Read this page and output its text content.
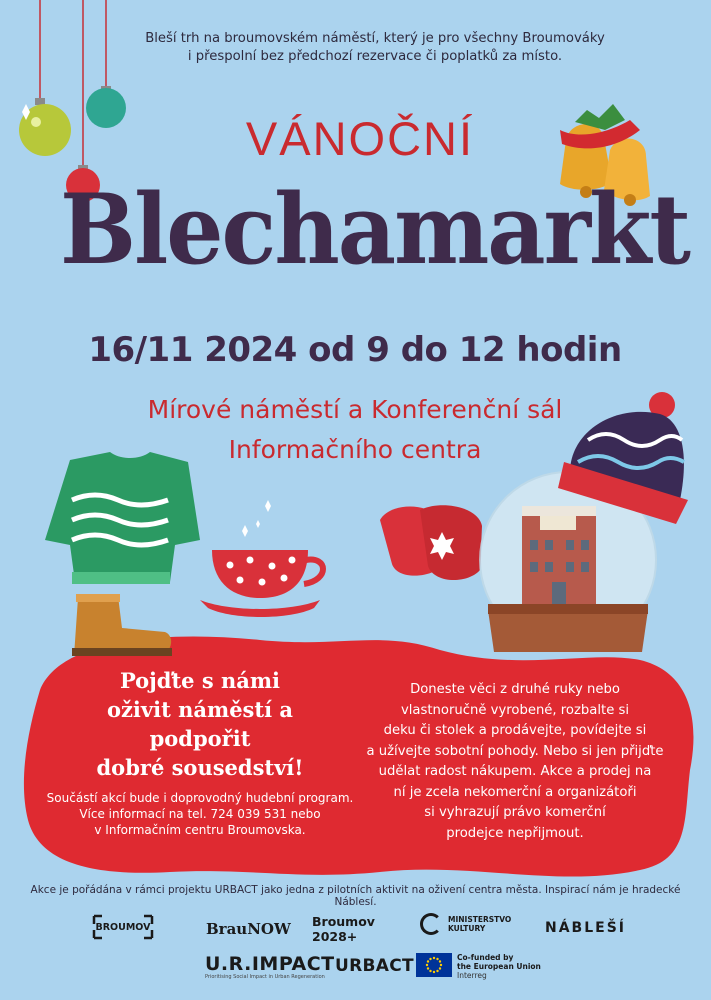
Bleší trh na broumovském náměstí, který je pro všechny Broumováky
i přespolní bez předchozí rezervace či poplatků za místo.
VÁNOČNÍ
Blechamarkt
16/11 2024 od 9 do 12 hodin
Mírové náměstí a Konferenční sál
Informačního centra
Pojďte s námi
oživit náměstí a podpořit
dobré sousedství!
Součástí akcí bude i doprovodný hudební program.
Více informací na tel. 724 039 531 nebo
v Informačním centru Broumovska.
Doneste věci z druhé ruky nebo
vlastnoručně vyrobené, rozbalte si
deku či stolek a prodávejte, povídejte si
a užívejte sobotní pohody. Nebo si jen přijďte
udělat radost nákupem. Akce a prodej na
ní je zcela nekomerční a organizátoři
si vyhrazují právo komerční
prodejce nepřijmout.
Akce je pořádána v rámci projektu URBACT jako jedna z pilotních aktivit na oživení centra města. Inspirací nám je hradecké Náblesí.
BROUMOV	BrauNOW Broumov
2028+
MINISTERSTVO
KULTURY	NÁBLEŠÍ
U.R.IMPACT
Prioritising Social Impact in Urban Regeneration
URBACT	Co-funded by
the European Union
Interreg
